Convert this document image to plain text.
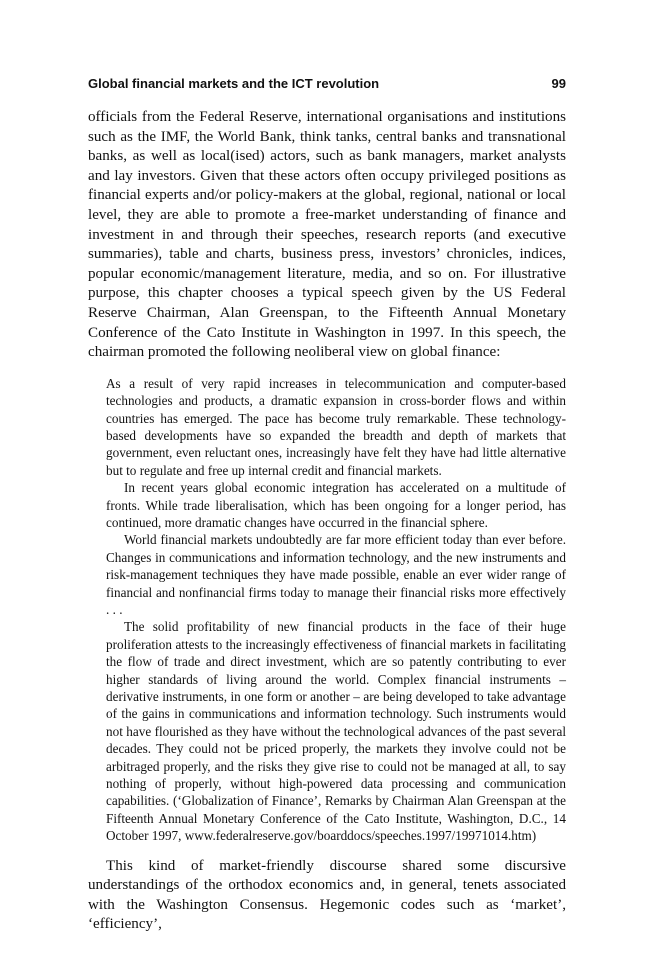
Global financial markets and the ICT revolution	99

officials from the Federal Reserve, international organisations and institutions such as the IMF, the World Bank, think tanks, central banks and transnational banks, as well as local(ised) actors, such as bank managers, market analysts and lay investors. Given that these actors often occupy privileged positions as financial experts and/or policy-makers at the global, regional, national or local level, they are able to promote a free-market understanding of finance and investment in and through their speeches, research reports (and executive summaries), table and charts, business press, investors’ chronicles, indices, popular economic/management literature, media, and so on. For illustrative purpose, this chapter chooses a typical speech given by the US Federal Reserve Chairman, Alan Greenspan, to the Fifteenth Annual Monetary Conference of the Cato Institute in Washington in 1997. In this speech, the chairman promoted the following neoliberal view on global finance:

As a result of very rapid increases in telecommunication and computer-based technologies and products, a dramatic expansion in cross-border flows and within countries has emerged. The pace has become truly remarkable. These technology-based developments have so expanded the breadth and depth of markets that government, even reluctant ones, increasingly have felt they have had little alternative but to regulate and free up internal credit and financial markets.

In recent years global economic integration has accelerated on a multitude of fronts. While trade liberalisation, which has been ongoing for a longer period, has continued, more dramatic changes have occurred in the financial sphere.

World financial markets undoubtedly are far more efficient today than ever before. Changes in communications and information technology, and the new instruments and risk-management techniques they have made possible, enable an ever wider range of financial and nonfinancial firms today to manage their financial risks more effectively . . .

The solid profitability of new financial products in the face of their huge proliferation attests to the increasingly effectiveness of financial markets in facilitating the flow of trade and direct investment, which are so patently contributing to ever higher standards of living around the world. Complex financial instruments – derivative instruments, in one form or another – are being developed to take advantage of the gains in communications and information technology. Such instruments would not have flourished as they have without the technological advances of the past several decades. They could not be priced properly, the markets they involve could not be arbitraged properly, and the risks they give rise to could not be managed at all, to say nothing of properly, without high-powered data processing and communication capabilities. (‘Globalization of Finance’, Remarks by Chairman Alan Greenspan at the Fifteenth Annual Monetary Conference of the Cato Institute, Washington, D.C., 14 October 1997, www.federalreserve.gov/boarddocs/speeches.1997/19971014.htm)

This kind of market-friendly discourse shared some discursive understandings of the orthodox economics and, in general, tenets associated with the Washington Consensus. Hegemonic codes such as ‘market’, ‘efficiency’,
